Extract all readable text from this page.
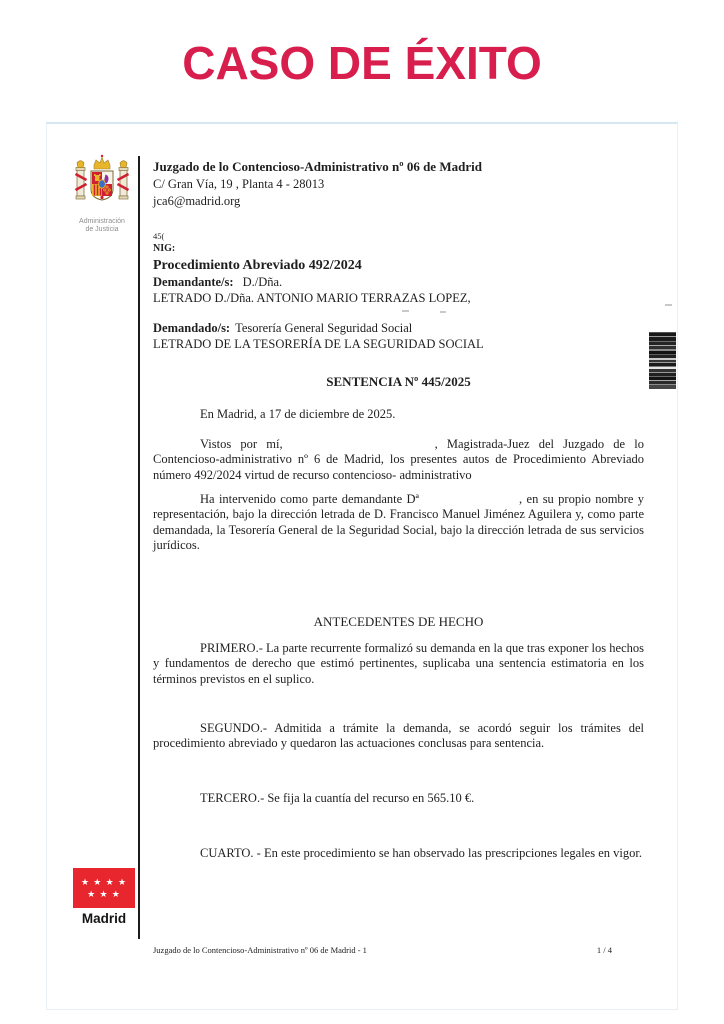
CASO DE ÉXITO
Administración
de Justicia
Juzgado de lo Contencioso-Administrativo nº 06 de Madrid
C/ Gran Vía, 19 , Planta 4 - 28013
jca6@madrid.org
45(
NIG:
Procedimiento Abreviado 492/2024
Demandante/s: D./Dña.
LETRADO D./Dña. ANTONIO MARIO TERRAZAS LOPEZ,
Demandado/s: Tesorería General Seguridad Social
LETRADO DE LA TESORERÍA DE LA SEGURIDAD SOCIAL
SENTENCIA Nº 445/2025

En Madrid, a 17 de diciembre de 2025.

Vistos por mí,	, Magistrada-Juez del Juzgado de lo Contencioso-administrativo nº 6 de Madrid, los presentes autos de Procedimiento Abreviado número 492/2024 virtud de recurso contencioso- administrativo

Ha intervenido como parte demandante Dª	, en su propio nombre y representación, bajo la dirección letrada de D. Francisco Manuel Jiménez Aguilera y, como parte demandada, la Tesorería General de la Seguridad Social, bajo la dirección letrada de sus servicios jurídicos.

ANTECEDENTES DE HECHO

PRIMERO.- La parte recurrente formalizó su demanda en la que tras exponer los hechos y fundamentos de derecho que estimó pertinentes, suplicaba una sentencia estimatoria en los términos previstos en el suplico.

SEGUNDO.- Admitida a trámite la demanda, se acordó seguir los trámites del procedimiento abreviado y quedaron las actuaciones conclusas para sentencia.

TERCERO.- Se fija la cuantía del recurso en 565.10 €.

CUARTO. - En este procedimiento se han observado las prescripciones legales en vigor.

Juzgado de lo Contencioso-Administrativo nº 06 de Madrid - 1	1 / 4
★ ★ ★ ★
★ ★ ★
Madrid
